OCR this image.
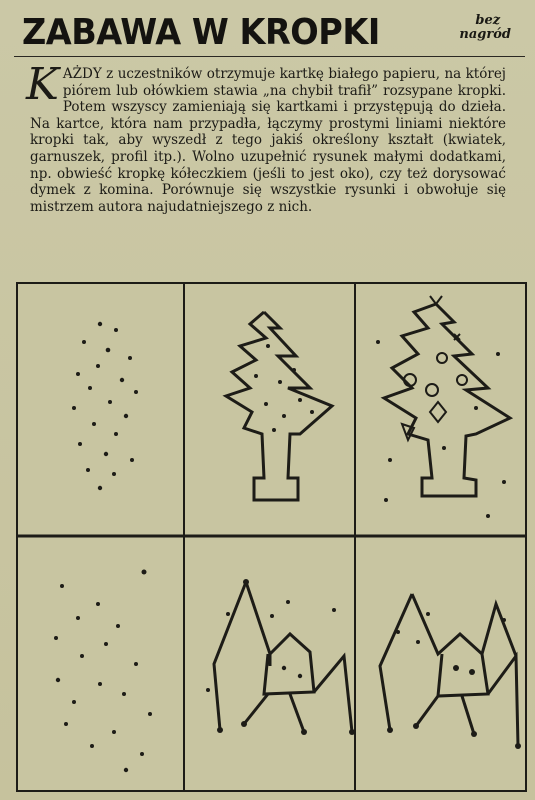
ZABAWA W KROPKI	bez
nagród
KAŻDY z uczestników otrzymuje kartkę białego papieru, na której piórem lub ołówkiem stawia „na chybił trafił” rozsypane kropki. Potem wszyscy zamieniają się kartkami i przystępują do dzieła. Na kartce, która nam przypadła, łączymy prostymi liniami niektóre kropki tak, aby wyszedł z tego jakiś określony kształt (kwiatek, garnuszek, profil itp.). Wolno uzupełnić rysunek małymi dodatkami, np. obwieść kropkę kółeczkiem (jeśli to jest oko), czy też dorysować dymek z komina. Porównuje się wszystkie rysunki i obwołuje się mistrzem autora najudatniejszego z nich.
